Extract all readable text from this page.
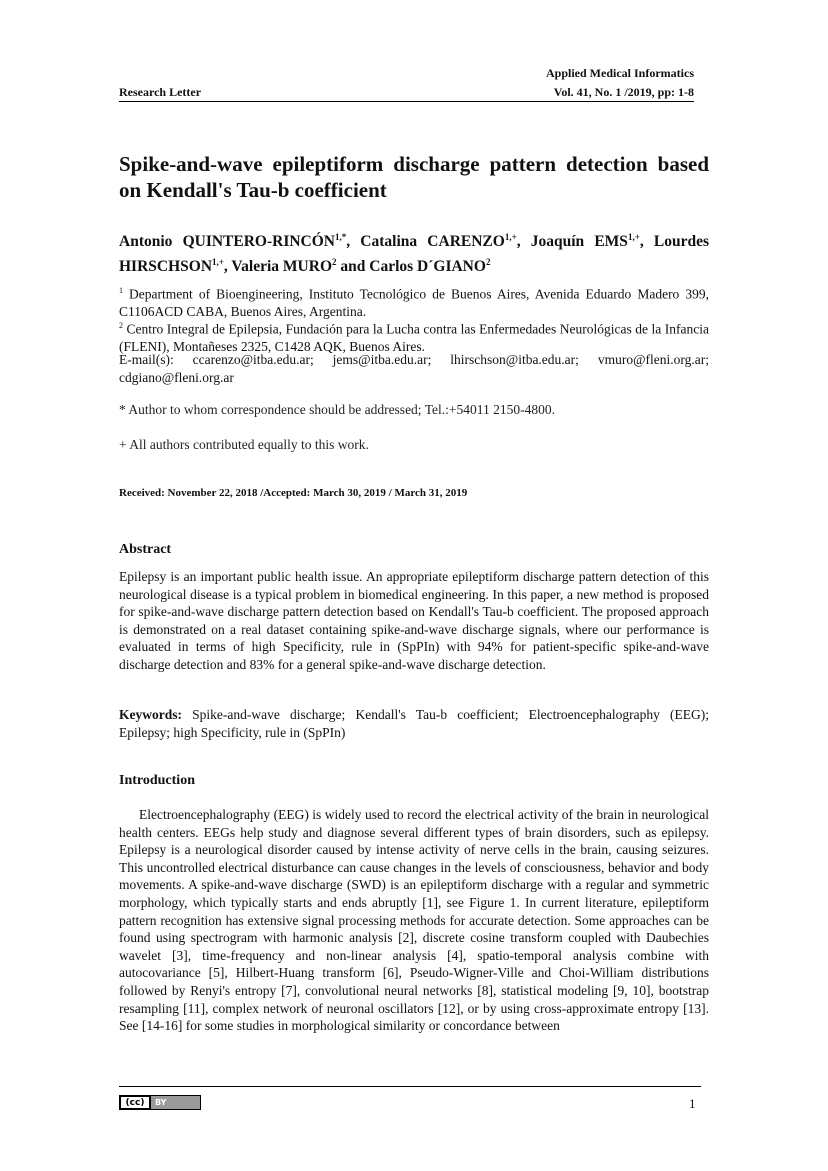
Applied Medical Informatics
Research Letter	Vol. 41, No. 1 /2019, pp: 1-8
Spike-and-wave epileptiform discharge pattern detection based on Kendall's Tau-b coefficient
Antonio QUINTERO-$RINCÓN^{1,*}$, Catalina $CARENZO^{1,+}$, Joaquín $EMS^{1,+}$, Lourdes $HIRSCHSON^{1,+}$, Valeria MURO$^2$ and Carlos D´GIANO$^2$
$^1$ Department of Bioengineering, Instituto Tecnológico de Buenos Aires, Avenida Eduardo Madero 399, C1106ACD CABA, Buenos Aires, Argentina.
$^2$ Centro Integral de Epilepsia, Fundación para la Lucha contra las Enfermedades Neurológicas de la Infancia (FLENI), Montañeses 2325, C1428 AQK, Buenos Aires.
E-mail(s): ccarenzo@itba.edu.ar; jems@itba.edu.ar; lhirschson@itba.edu.ar; vmuro@fleni.org.ar; cdgiano@fleni.org.ar
* Author to whom correspondence should be addressed; Tel.:+54011 2150-4800.
+ All authors contributed equally to this work.
Received: November 22, 2018 /Accepted: March 30, 2019 / March 31, 2019
Abstract
Epilepsy is an important public health issue. An appropriate epileptiform discharge pattern detection of this neurological disease is a typical problem in biomedical engineering. In this paper, a new method is proposed for spike-and-wave discharge pattern detection based on Kendall's Tau-b coefficient. The proposed approach is demonstrated on a real dataset containing spike-and-wave discharge signals, where our performance is evaluated in terms of high Specificity, rule in (SpPIn) with 94% for patient-specific spike-and-wave discharge detection and 83% for a general spike-and-wave discharge detection.
Keywords: Spike-and-wave discharge; Kendall's Tau-b coefficient; Electroencephalography (EEG); Epilepsy; high Specificity, rule in (SpPIn)
Introduction
Electroencephalography (EEG) is widely used to record the electrical activity of the brain in neurological health centers. EEGs help study and diagnose several different types of brain disorders, such as epilepsy. Epilepsy is a neurological disorder caused by intense activity of nerve cells in the brain, causing seizures. This uncontrolled electrical disturbance can cause changes in the levels of consciousness, behavior and body movements. A spike-and-wave discharge (SWD) is an epileptiform discharge with a regular and symmetric morphology, which typically starts and ends abruptly [1], see Figure 1. In current literature, epileptiform pattern recognition has extensive signal processing methods for accurate detection. Some approaches can be found using spectrogram with harmonic analysis [2], discrete cosine transform coupled with Daubechies wavelet [3], time-frequency and non-linear analysis [4], spatio-temporal analysis combine with autocovariance [5], Hilbert-Huang transform [6], Pseudo-Wigner-Ville and Choi-William distributions followed by Renyi's entropy [7], convolutional neural networks [8], statistical modeling [9, 10], bootstrap resampling [11], complex network of neuronal oscillators [12], or by using cross-approximate entropy [13]. See [14-16] for some studies in morphological similarity or concordance between
(cc)	BY	1
